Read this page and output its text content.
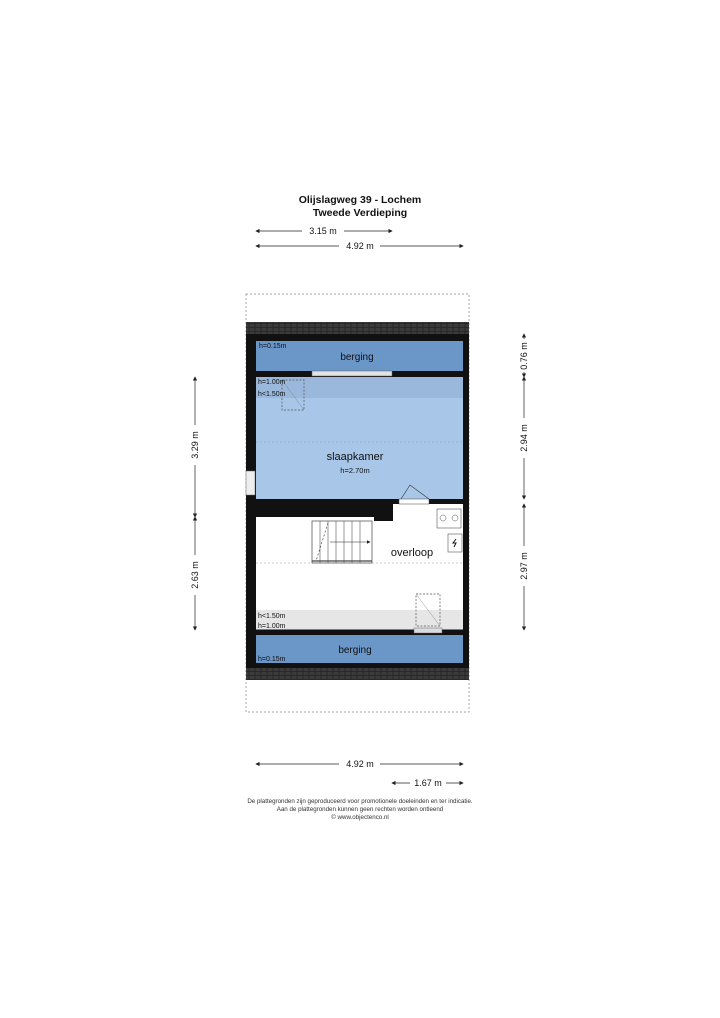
Olijslagweg 39 - Lochem
Tweede Verdieping
3.15 m
4.92 m
4.92 m
1.67 m
3.29 m
2.63 m
0.76 m
2.94 m
2.97 m
h=0.15m
berging
h=1.00m
h<1.50m
slaapkamer
h=2.70m
overloop
h<1.50m
h=1.00m
berging
h=0.15m
De plattegronden zijn geproduceerd voor promotionele doeleinden en ter indicatie.
Aan de plattegronden kunnen geen rechten worden ontleend
© www.objectenco.nl
